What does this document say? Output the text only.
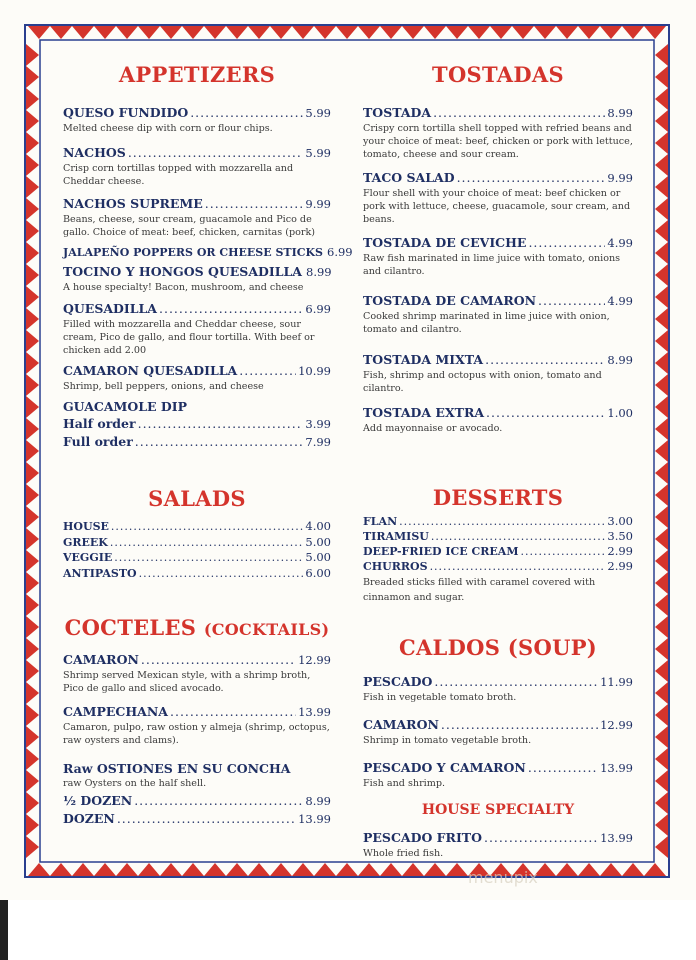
menupix
APPETIZERS
QUESO FUNDIDO .....	5.99
Melted cheese dip with corn or flour chips.
NACHOS .....	5.99
Crisp corn tortillas topped with mozzarella and Cheddar cheese.
NACHOS SUPREME .....	9.99
Beans, cheese, sour cream, guacamole and Pico de gallo. Choice of meat: beef, chicken, carnitas (pork)
JALAPEÑO POPPERS OR CHEESE STICKS 6.99
TOCINO Y HONGOS QUESADILLA 8.99
A house specialty! Bacon, mushroom, and cheese
QUESADILLA .....	6.99
Filled with mozzarella and Cheddar cheese, sour cream, Pico de gallo, and flour tortilla. With beef or chicken add 2.00
CAMARON QUESADILLA .....	10.99
Shrimp, bell peppers, onions, and cheese
GUACAMOLE DIP
Half order .....	3.99
Full order .....	7.99
SALADS
HOUSE .....	4.00
GREEK .....	5.00
VEGGIE .....	5.00
ANTIPASTO .....	6.00
COCTELES (COCKTAILS)
CAMARON .....	12.99
Shrimp served Mexican style, with a shrimp broth, Pico de gallo and sliced avocado.
CAMPECHANA .....	13.99
Camaron, pulpo, raw ostion y almeja (shrimp, octopus, raw oysters and clams).
Raw OSTIONES EN SU CONCHA
raw Oysters on the half shell.
½ DOZEN .....	8.99
DOZEN .....	13.99
TOSTADAS
TOSTADA .....	8.99
Crispy corn tortilla shell topped with refried beans and your choice of meat: beef, chicken or pork with lettuce, tomato, cheese and sour cream.
TACO SALAD .....	9.99
Flour shell with your choice of meat: beef chicken or pork with lettuce, cheese, guacamole, sour cream, and beans.
TOSTADA DE CEVICHE .....	4.99
Raw fish marinated in lime juice with tomato, onions and cilantro.
TOSTADA DE CAMARON .....	4.99
Cooked shrimp marinated in lime juice with onion, tomato and cilantro.
TOSTADA MIXTA .....	8.99
Fish, shrimp and octopus with onion, tomato and cilantro.
TOSTADA EXTRA .....	1.00
Add mayonnaise or avocado.
DESSERTS
FLAN .....	3.00
TIRAMISU .....	3.50
DEEP-FRIED ICE CREAM .....	2.99
CHURROS .....	2.99
Breaded sticks filled with caramel covered with cinnamon and sugar.
CALDOS (SOUP)
PESCADO .....	11.99
Fish in vegetable tomato broth.
CAMARON .....	12.99
Shrimp in tomato vegetable broth.
PESCADO Y CAMARON .....	13.99
Fish and shrimp.
HOUSE SPECIALTY
PESCADO FRITO .....	13.99
Whole fried fish.
